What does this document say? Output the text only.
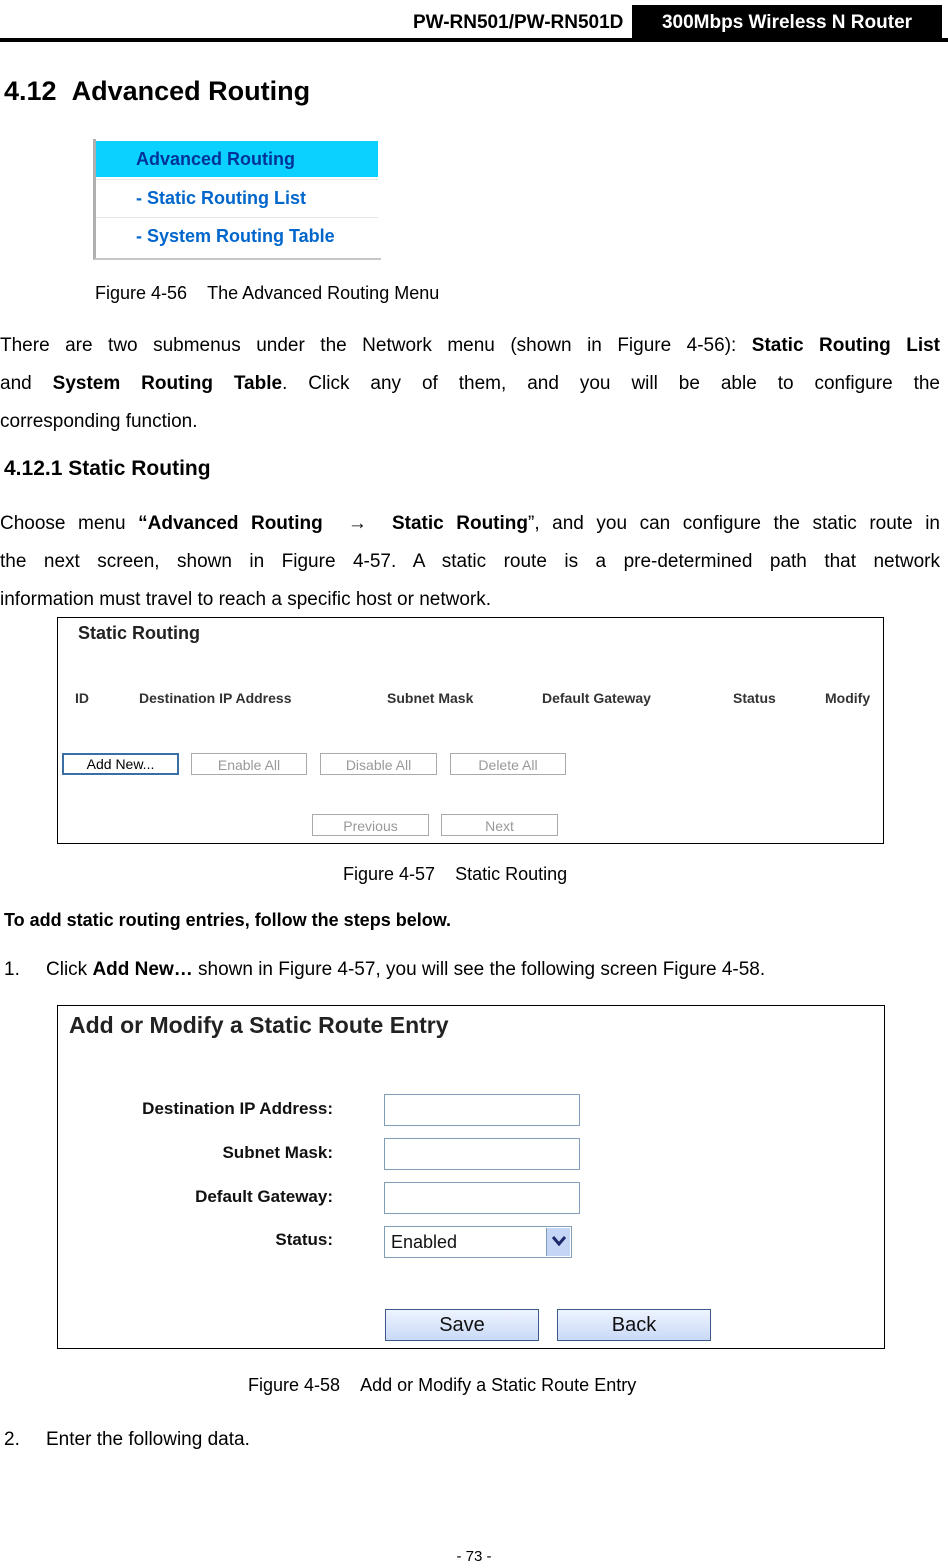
PW-RN501/PW-RN501D	300Mbps Wireless N Router
4.12 Advanced Routing
Advanced Routing
- Static Routing List
- System Routing Table
Figure 4-56 The Advanced Routing Menu
There are two submenus under the Network menu (shown in Figure 4-56): Static Routing List
and System Routing Table. Click any of them, and you will be able to configure the
corresponding function.
4.12.1 Static Routing
Choose menu “Advanced Routing → Static Routing”, and you can configure the static route in
the next screen, shown in Figure 4-57. A static route is a pre-determined path that network
information must travel to reach a specific host or network.
Static Routing
ID	Destination IP Address	Subnet Mask	Default Gateway	Status	Modify
Add New...	Enable All	Disable All	Delete All
Previous	Next
Figure 4-57 Static Routing
To add static routing entries, follow the steps below.
1. Click Add New… shown in Figure 4-57, you will see the following screen Figure 4-58.
Add or Modify a Static Route Entry
Destination IP Address:
Subnet Mask:
Default Gateway:
Status:	Enabled
Save	Back
Figure 4-58 Add or Modify a Static Route Entry
2. Enter the following data.
- 73 -
